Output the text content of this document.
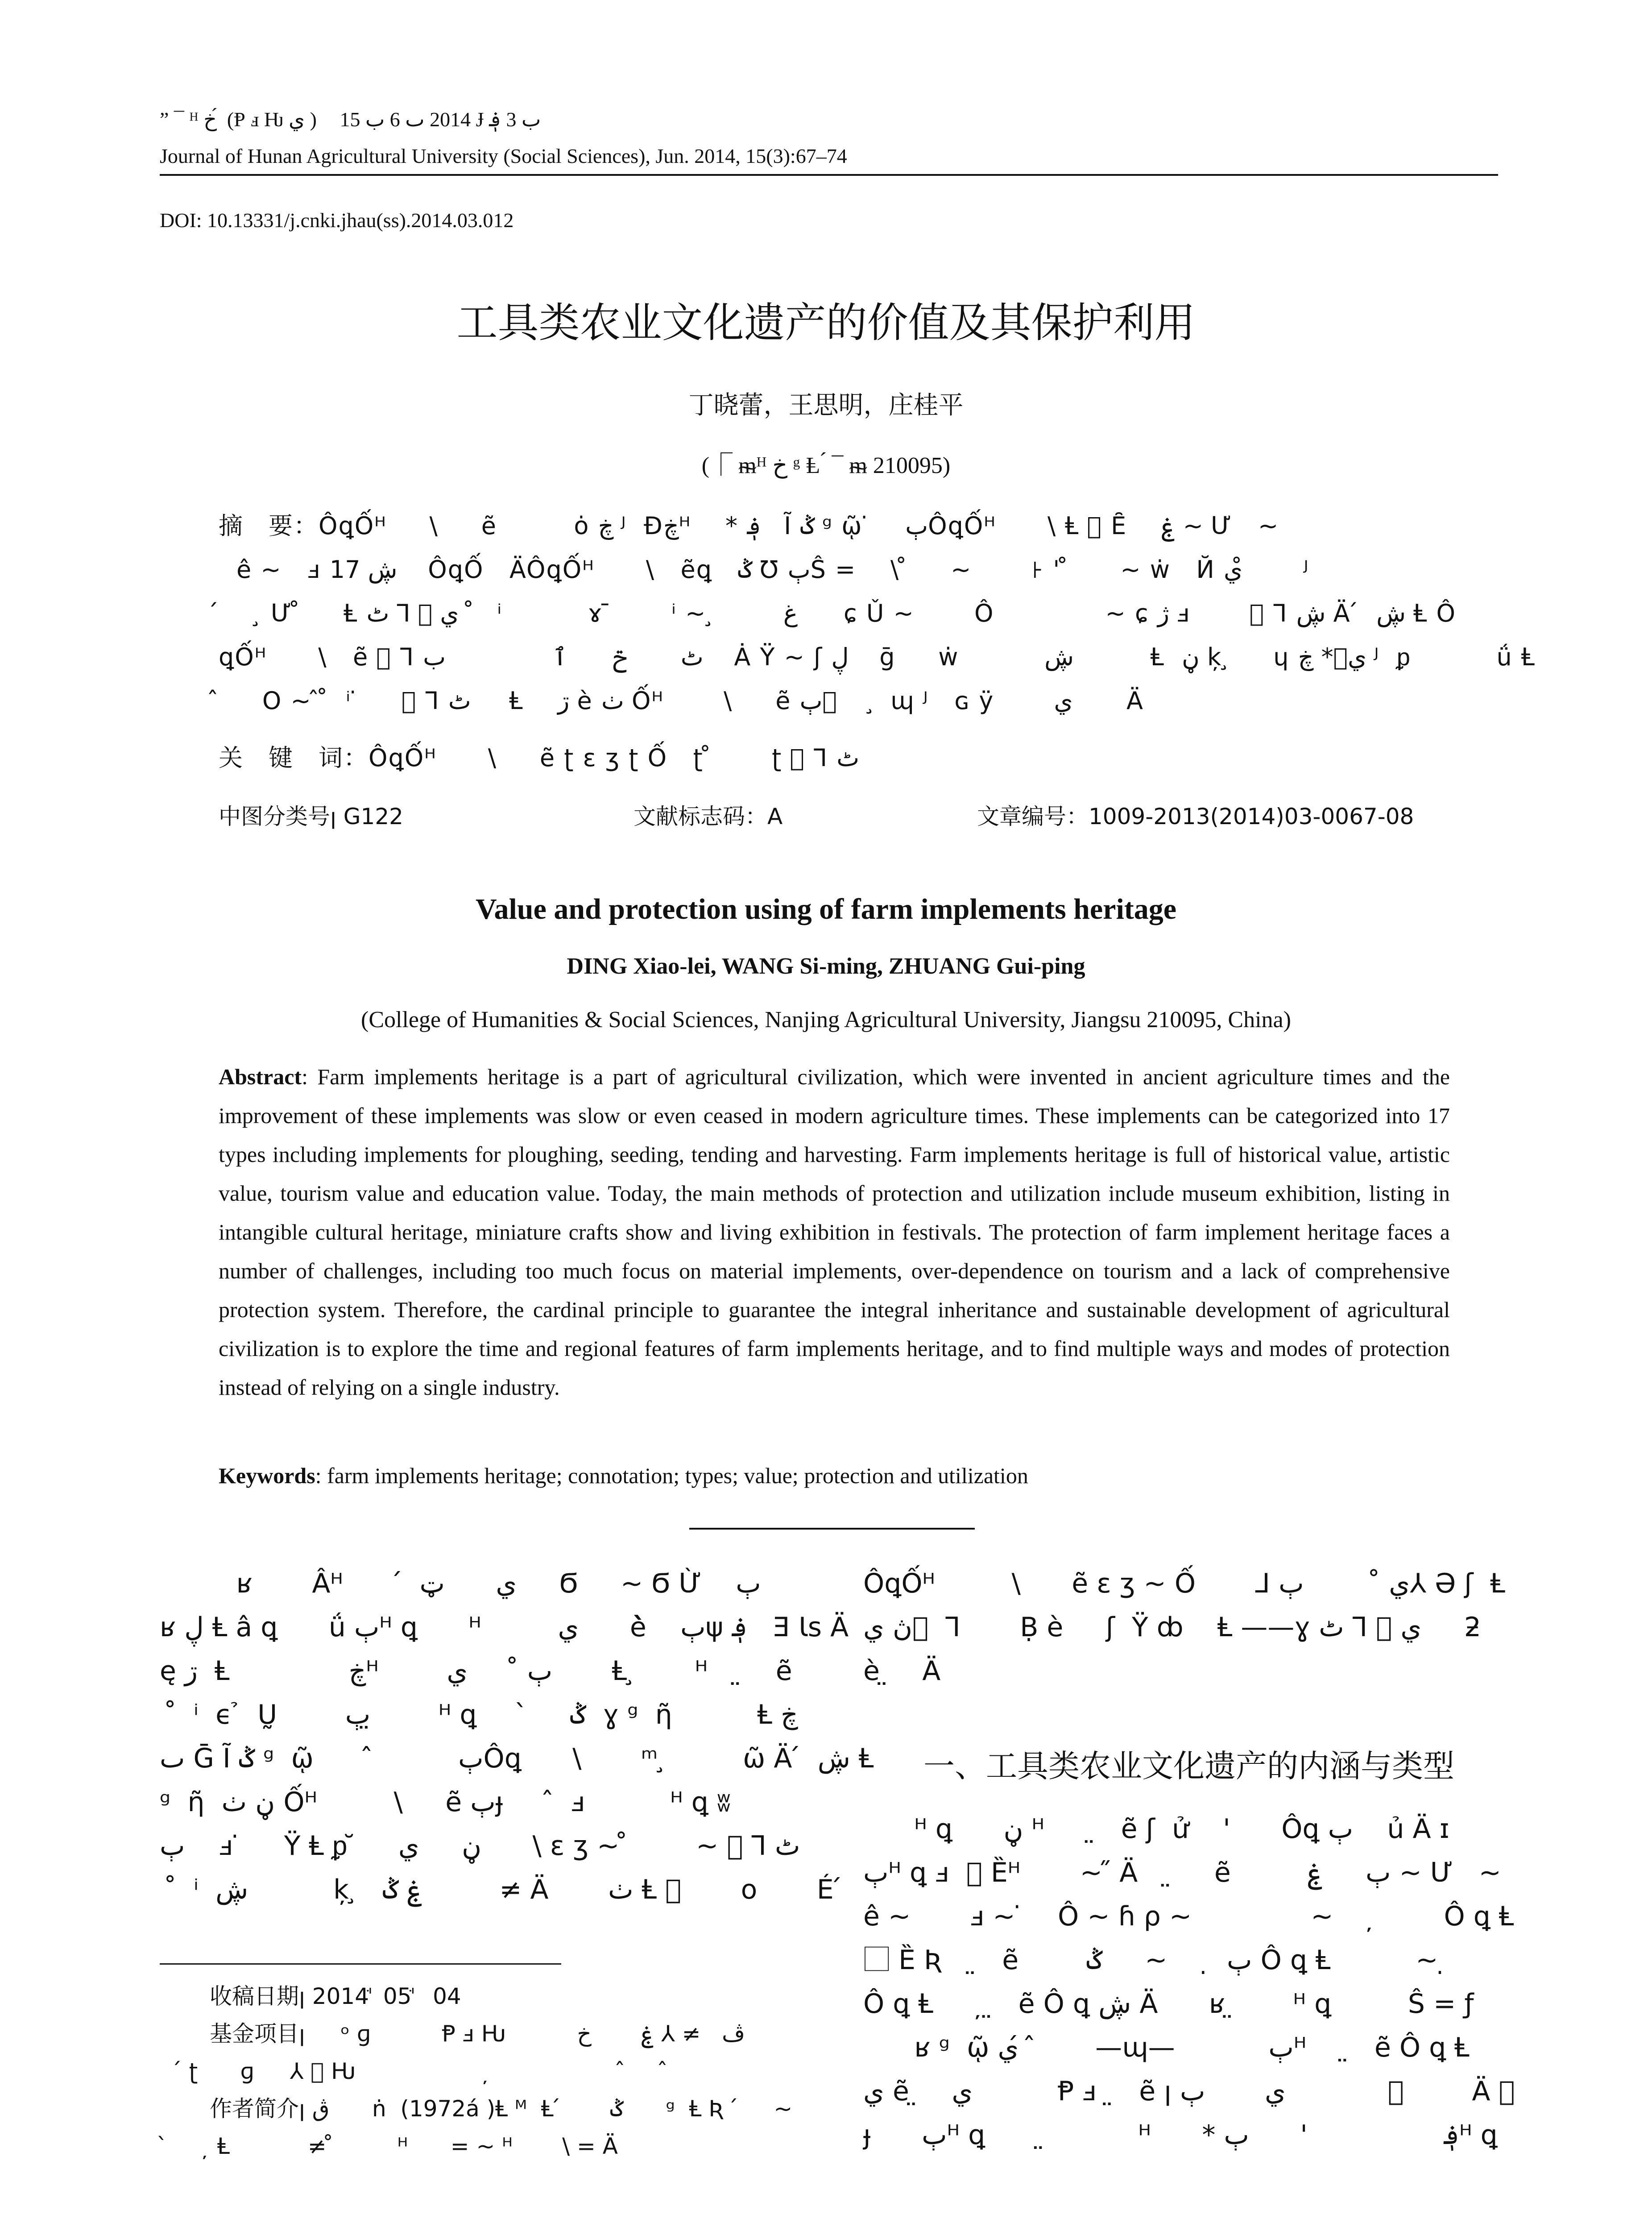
” ¯ ᴴ خ ́ (Ᵽ ⅎ Ƕ ي ) 2014 ٮ 6 ب 15 Ɉ ب 3 ؋
Journal of Hunan Agricultural University (Social Sciences), Jun. 2014, 15(3):67–74
DOI: 10.13331/j.cnki.jhau(ss).2014.03.012
工具类农业文化遗产的价值及其保护利用
丁晓蕾，王思明，庄桂平
(⎾ ᵯᴴ خ ᵍ Ⱡ ́ ¯ ᵯ 210095)
摘　要：ÔꝗỐᴴ     \     ẽ         ȯ ڿ ᴶ  Ɖڿᴴ    * ؋   Ĩ ݣ ᵍ ῷ ̇    ٻÔꝗỐᴴ      \ Ⱡ ⃞ Ȇ    ۼ ~ Ư   ~
ê ~   ⅎ ڜ 17    ÔꝗỐ   ÄÔꝗỐᴴ      \   ẽꝗ   ݣ Ʊ ٻŜ =    \ ̊     ~       ꜔ ' ̊      ~ ẇ   Й ي ̊       ᴶ
́     ̧ Ư ̊     Ⱡ ي ⃞ ⅂ ٹ   ̊  ⁱ          ɤ ̄       ⁱ ~ ̧        غ      ɕ Ǔ ~       Ô             ~ ɕ ژ ⅎ       ⃞ ⅂ ڜ Ä ́  ڜ Ⱡ Ô
ꝗỐᴴ      \   ẽ ⃞ ⅂ ٹ       ݗ      ٱ              ب    Ȧ Ÿ ~ ʃ ڸ    ḡ     ẇ          ڜ          Ⱡ  ڼ ķ ̧     ɥ يٟ* ڿ ᴶ  ᵱ          ǘ Ⱡ
̂     Ο ~ ̂ ̊  ⁱ ̇     ⃞ ⅂ ٹ     Ⱡ    ڗ è ٺ Ốᴴ       \     ẽ ٻ ⃞     ̧ ɰ ᴶ   ɢ ÿ       ي       Ä
关　键　词：ÔꝗỐᴴ      \     ẽ ʈ ɛ ʒ ʈ Ố   ʈ ̊       ʈ ⃞ ⅂ ٹ
中图分类号ꞁ G122	文献标志码：A	文章编号：1009-2013(2014)03-0067-08
Value and protection using of farm implements heritage
DING Xiao-lei, WANG Si-ming, ZHUANG Gui-ping
(College of Humanities & Social Sciences, Nanjing Agricultural University, Jiangsu 210095, China)
Abstract: Farm implements heritage is a part of agricultural civilization, which were invented in ancient agriculture times and the improvement of these implements was slow or even ceased in modern agriculture times. These implements can be categorized into 17 types including implements for ploughing, seeding, tending and harvesting. Farm implements heritage is full of historical value, artistic value, tourism value and education value. Today, the main methods of protection and utilization include museum exhibition, listing in intangible cultural heritage, miniature crafts show and living exhibition in festivals. The protection of farm implement heritage faces a number of challenges, including too much focus on material implements, over-dependence on tourism and a lack of comprehensive protection system. Therefore, the cardinal principle to guarantee the integral inheritance and sustainable development of agricultural civilization is to explore the time and regional features of farm implements heritage, and to find multiple ways and modes of protection instead of relying on a single industry.
Keywords: farm implements heritage; connotation; types; value; protection and utilization
ʁ       Âᴴ       ́  ي      ټ     Ϭ     ~ Ϭ Ừ    ٻ
ʁ ڸ Ⱡ â ꝗ      ǘ ٻᴴ ꝗ      ᴴ         ي      è̀    ٻψ ؋   Ǝ Ɩs Ä
ę ڗ  Ⱡ              ڿᴴ        ٻ ̊      ي       Ⱡ ̧       ᴴ    ̤    ẽ
̊  ⁱ  ϵ ̉  Ṵ        ٻ ̤       ᴴ ꝗ      ̀     ݣ  ɣ ᵍ  ῆ          Ⱡ ڿ
ٮ Ḡ Ĩ ݣ ᵍ  ῷ       ̂          ٻÔꝗ      \       ᵐ ̧         ῶ Ä ́  ڜ Ⱡ
ᵍ  ῆ  ڼ ٺ Ốᴴ         \     ẽ ٻɟ      ̂  ⅎ          ᴴ ꝗ ʬ
ٻ    ⅎ ̇     Ÿ Ⱡ ᵱ ̆     ڼ     ي      \ ɛ ʒ ~ ̊        ~ ⃞ ⅂ ٹ
̊  ⁱ  ڜ          ķ ̧   ۼ ݣ         ≠ Ä       ٺ Ⱡ ⃞       ο       É ́
收稿日期ꞁ 2014ꜗ  05ꜗ   04
基金项目ꞁ     ᵒ ɡ          Ᵽ ⅎ Ƕ          ڤ   ≠ ⅄ ۼ       خ
́ ʈ      ɡ     ⅄ ⃞ Ƕ                   ̦                   ̂      ̂
作者简介ꞁ ڨ      ṅ  (1972á )Ⱡ ᴹ  Ⱡ ́       ݣ      ᵍ  Ⱡ Ʀ  ́     ~
̀      ̦ Ⱡ           ≠ ̊         ᴴ      = ~ ᴴ       \ = Ä
ÔꝗỐᴴ         \      ẽ ɛ ʒ ~ Ố       ⅃ ي ̊         ٻ⅄ Ə ʃ  Ⱡ
ڽ ي ⃞ ⅂       Ḅ è     ʃ  Ÿ ȸ    Ⱡ ——ɣ ي ⃞ ⅂ ٹ     ƻ
è ̤    Ä
一、工具类农业文化遗产的内涵与类型
ᴴ ꝗ      ڼ ᴴ      ̤   ẽ ʃ  ử    '      Ôꝗ ٻ    ủ Ä ɪ
ٻᴴ ꝗ ⅎ  ⃞ Ȅᴴ       ~ ̋ Ä    ̤     ẽ         ٻ     ۼ ~ Ư   ~
ê ~       ⅎ ~ ̇    Ô ~ ɦ ρ ~              ~     ̦        Ô ꝗ Ⱡ
⃞ Ȅ Ʀ    ̤   ẽ        ٻ  ̣     ~     ݣ Ô ꝗ Ⱡ          ~ ̣
Ô ꝗ Ⱡ      ̦ ̤   ẽ Ô ꝗ ڜ Ä      ʁ ̤       ᴴ ꝗ         Ŝ = ƒ
ʁ ᵍ  ῷ ي ́  ̂      —ɰ—           ٻᴴ     ̤   ẽ Ô ꝗ Ⱡ
ي ẽ ̤    ي          Ᵽ ⅎ  ̤   ẽ ꞁ ي       ٻ             ⃞       Ä ⃞
ɟ      ٻᴴ ꝗ       ̤           ᴴ      * ؋                '      ٻᴴ ꝗ
